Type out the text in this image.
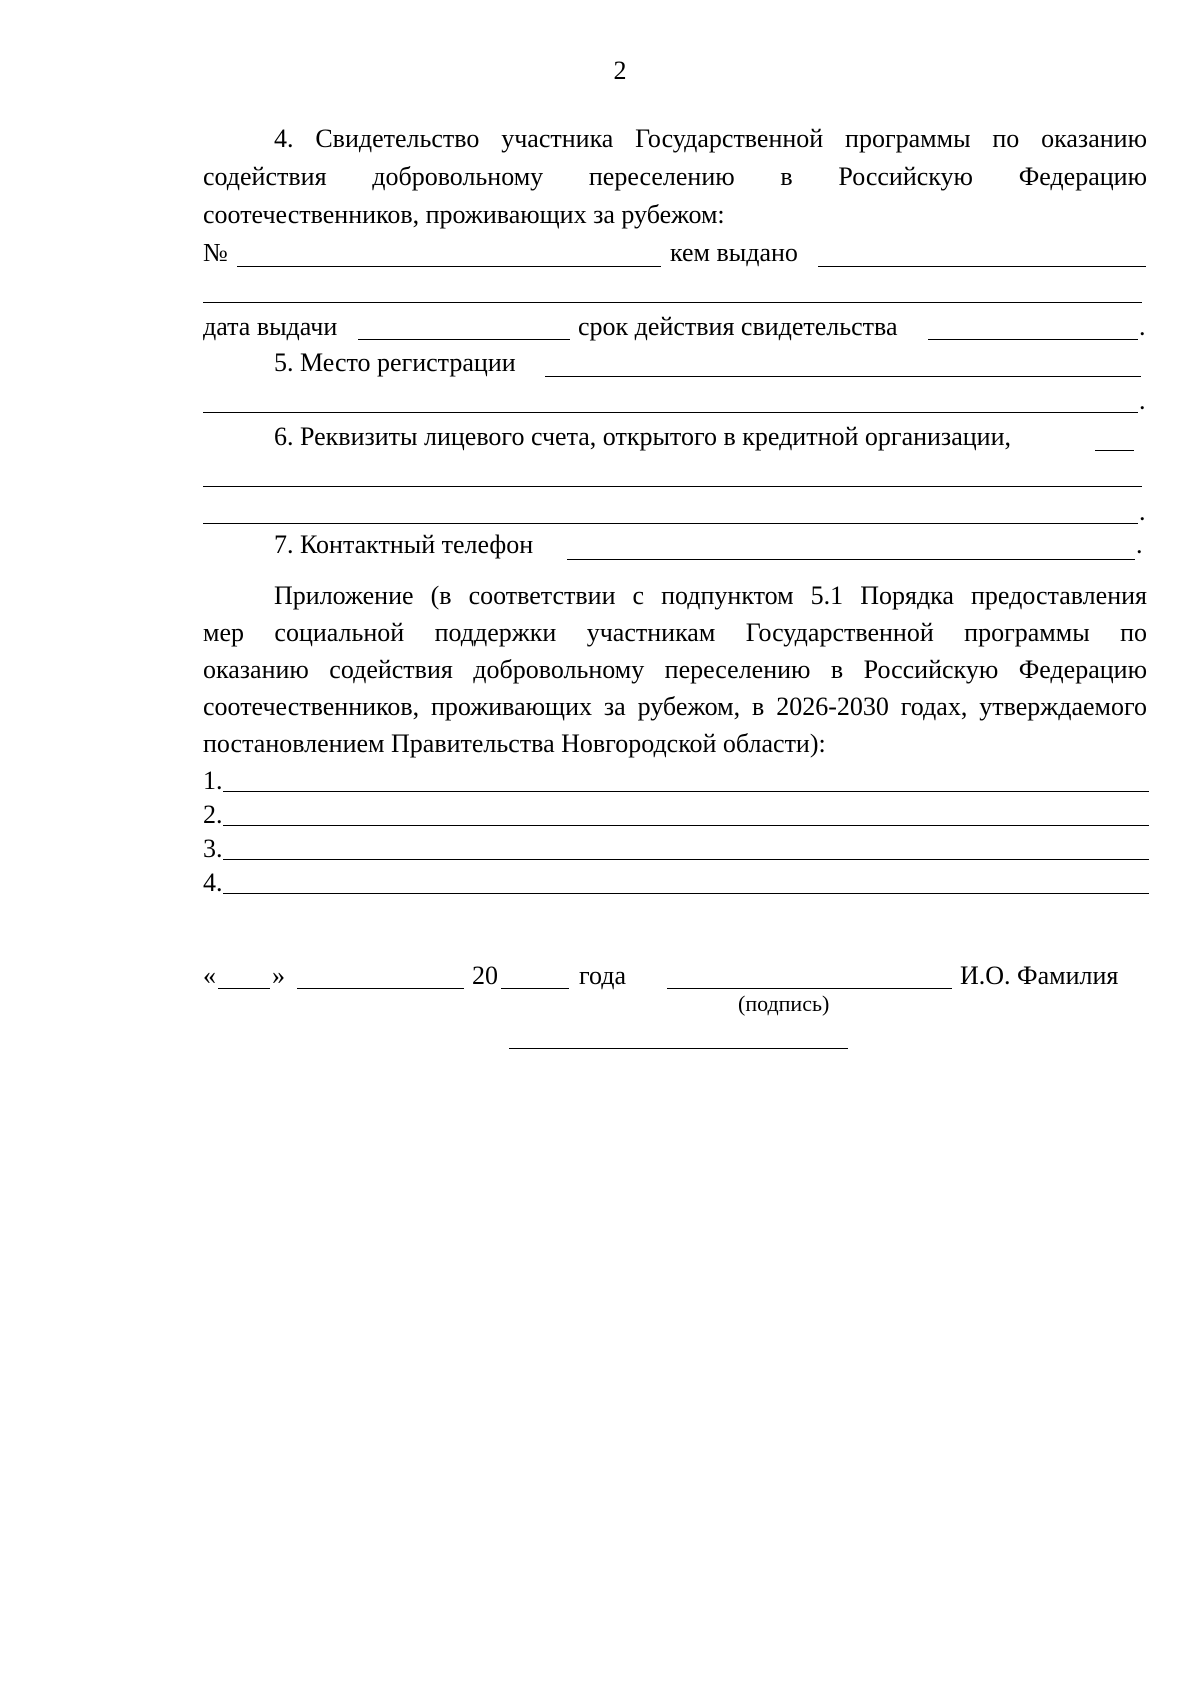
2
4. Свидетельство участника Государственной программы по оказанию
содействия добровольному переселению в Российскую Федерацию
соотечественников, проживающих за рубежом:
№	кем выдано
дата выдачи	срок действия свидетельства	.
5. Место регистрации
.
6. Реквизиты лицевого счета, открытого в кредитной организации,
.
7. Контактный телефон	.
Приложение (в соответствии с подпунктом 5.1 Порядка предоставления
мер социальной поддержки участникам Государственной программы по
оказанию содействия добровольному переселению в Российскую Федерацию
соотечественников, проживающих за рубежом, в 2026-2030 годах, утверждаемого
постановлением Правительства Новгородской области):
1.
2.
3.
4.
« »	20	года	И.О. Фамилия
(подпись)
